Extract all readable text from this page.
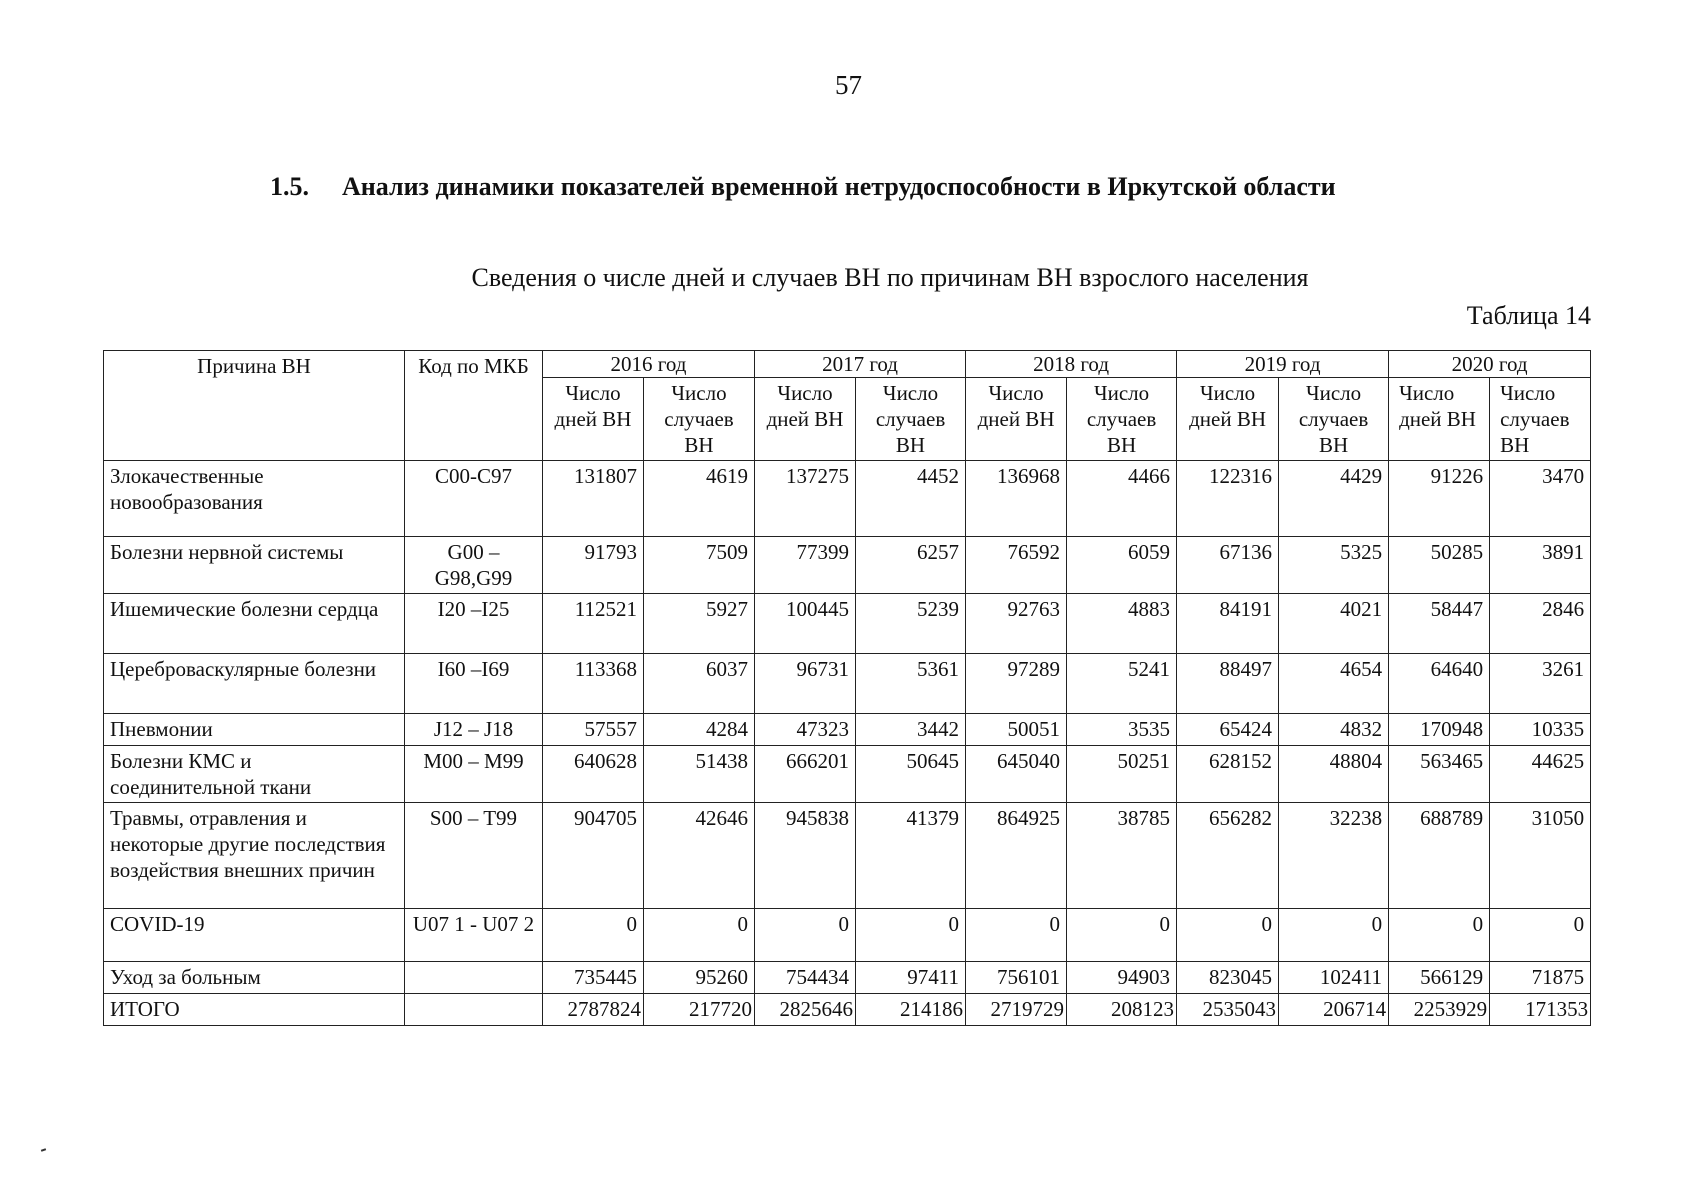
57
1.5. Анализ динамики показателей временной нетрудоспособности в Иркутской области
Сведения о числе дней и случаев ВН по причинам ВН взрослого населения
Таблица 14
Причина ВН	Код по МКБ	2016 год		2017 год		2018 год		2019 год		2020 год	
		Число дней ВН	Число случаев ВН	Число дней ВН	Число случаев ВН	Число дней ВН	Число случаев ВН	Число дней ВН	Число случаев ВН	Число дней ВН	Число случаев ВН
Злокачественные новообразования	С00-С97	131807	4619	137275	4452	136968	4466	122316	4429	91226	3470
Болезни нервной системы	G00 – G98,G99	91793	7509	77399	6257	76592	6059	67136	5325	50285	3891
Ишемические болезни сердца	I20 –I25	112521	5927	100445	5239	92763	4883	84191	4021	58447	2846
Цереброваскулярные болезни	I60 –I69	113368	6037	96731	5361	97289	5241	88497	4654	64640	3261
Пневмонии	J12 – J18	57557	4284	47323	3442	50051	3535	65424	4832	170948	10335
Болезни КМС и соединительной ткани	M00 – M99	640628	51438	666201	50645	645040	50251	628152	48804	563465	44625
Травмы, отравления и некоторые другие последствия воздействия внешних причин	S00 – T99	904705	42646	945838	41379	864925	38785	656282	32238	688789	31050
COVID-19	U07 1 - U07 2	0	0	0	0	0	0	0	0	0	0
Уход за больным		735445	95260	754434	97411	756101	94903	823045	102411	566129	71875
ИТОГО		2787824	217720	2825646	214186	2719729	208123	2535043	206714	2253929	171353
